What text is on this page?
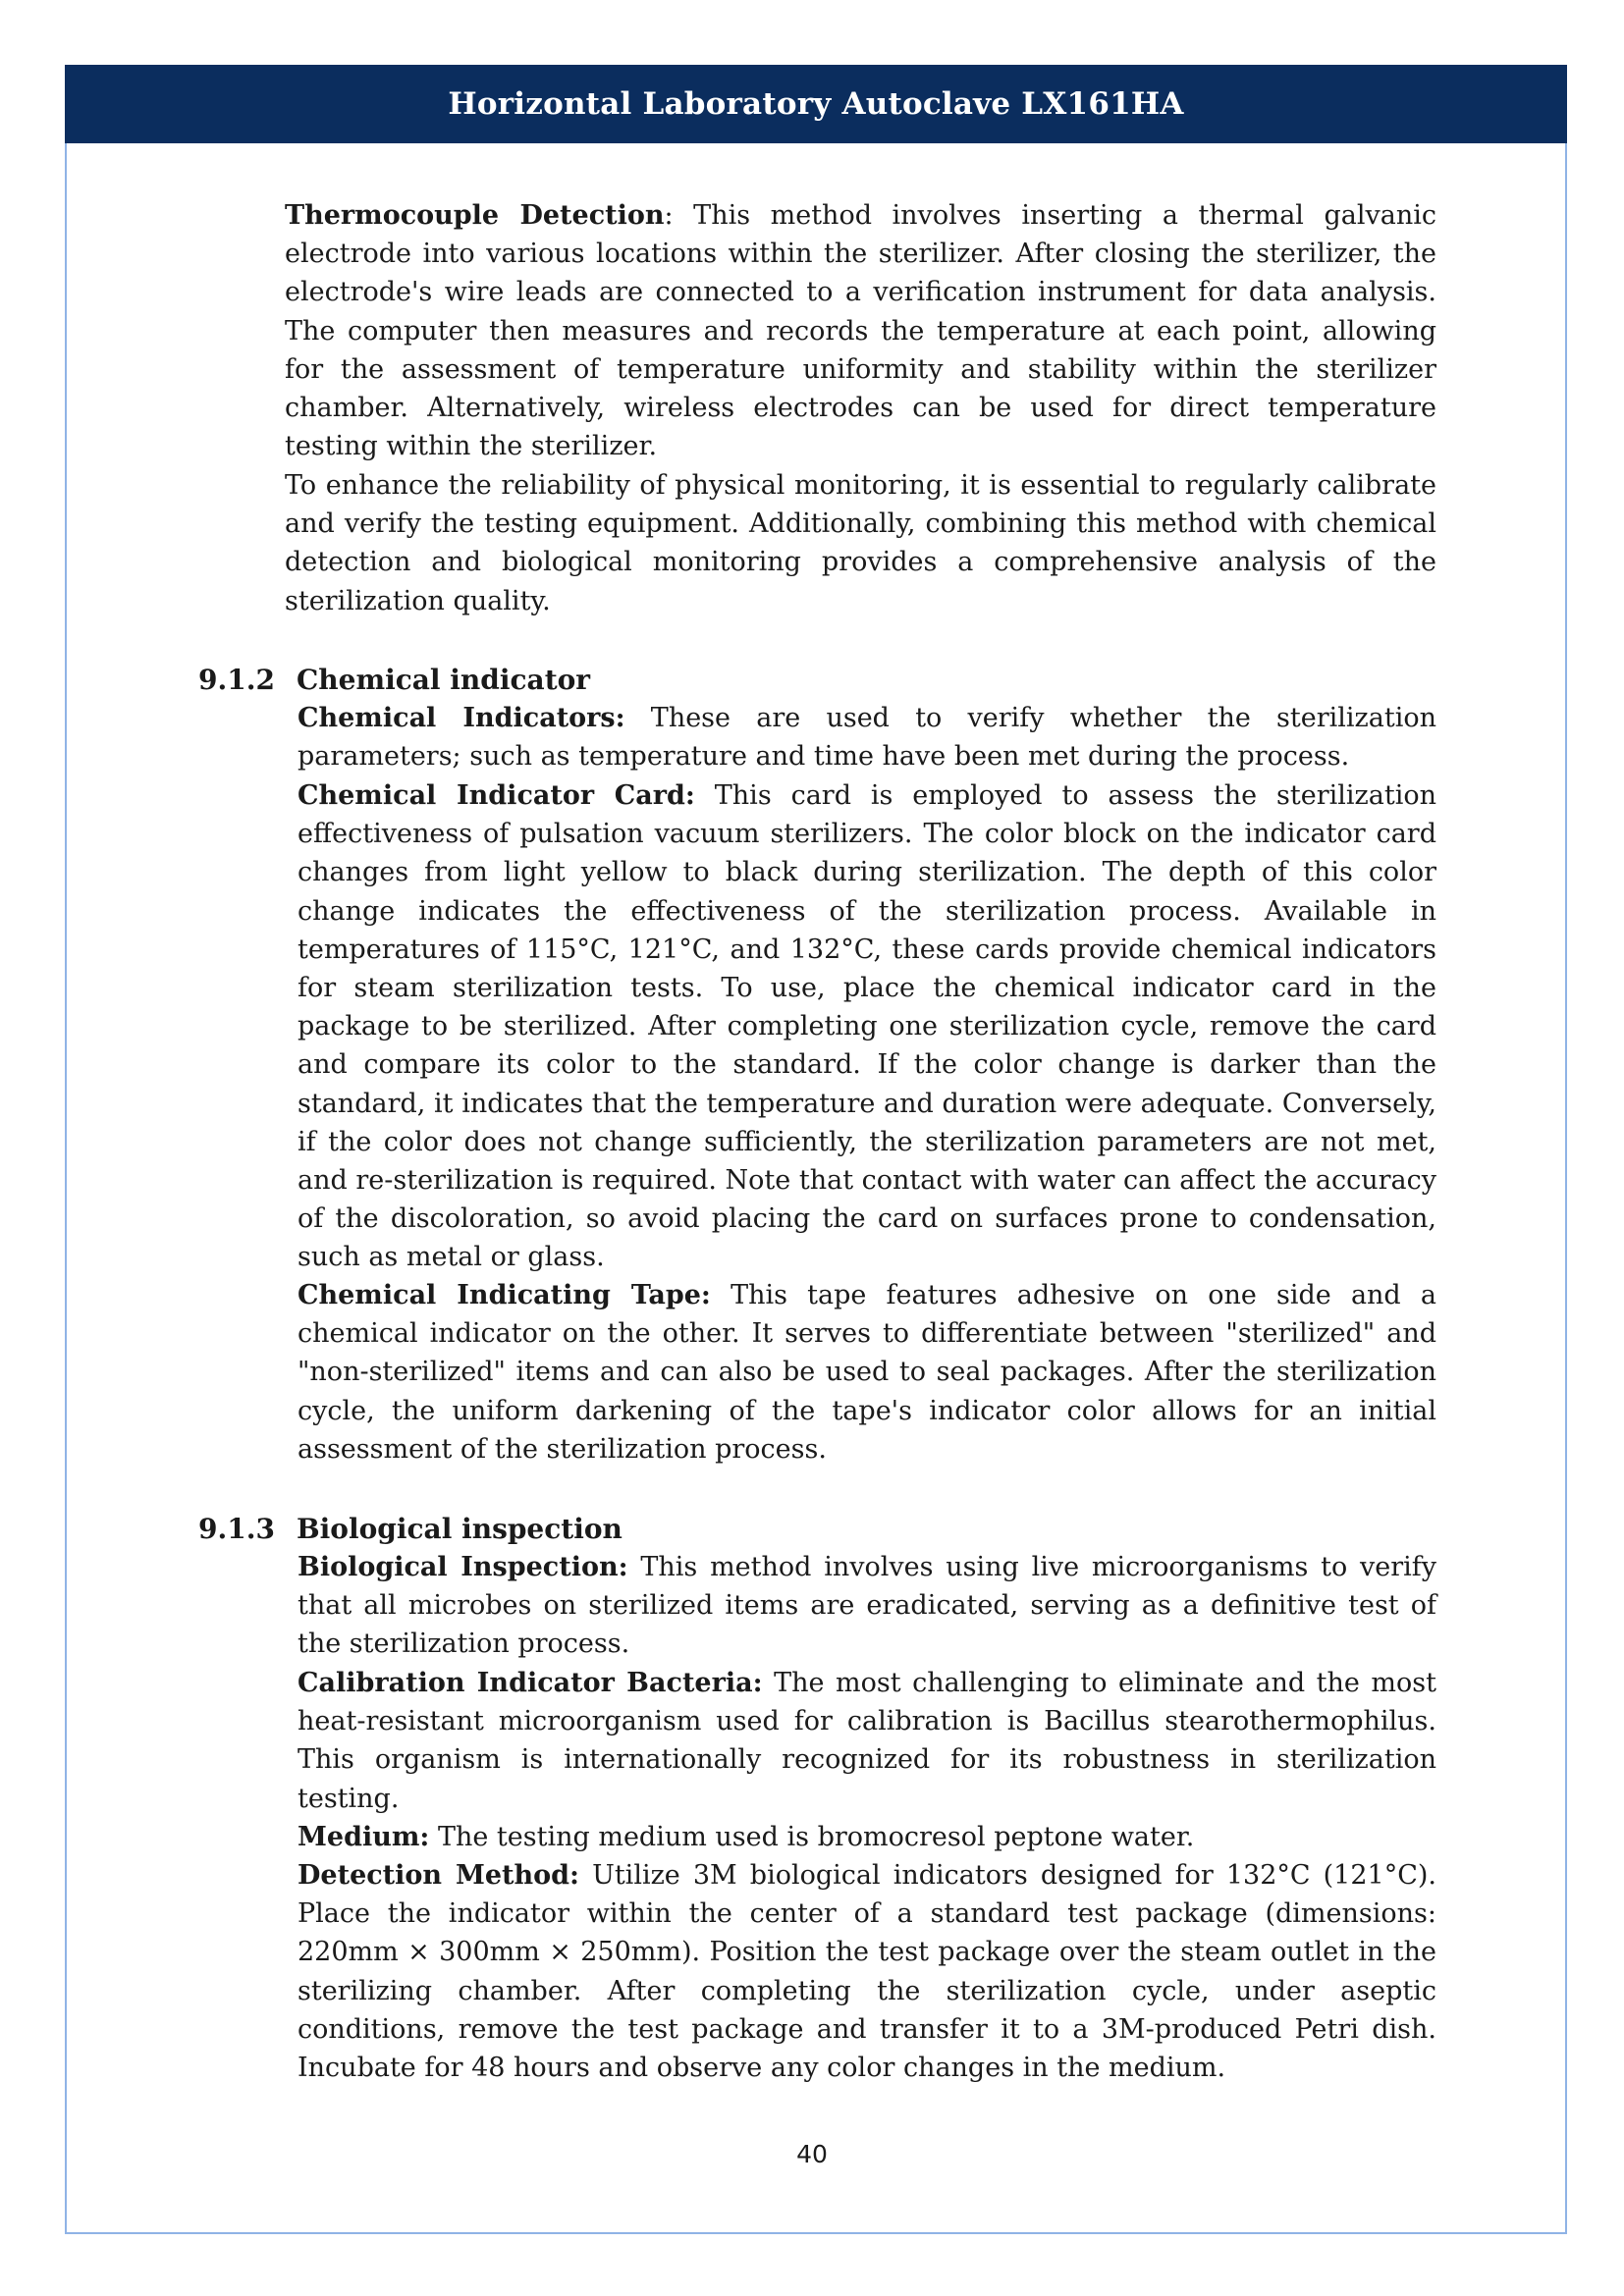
Horizontal Laboratory Autoclave LX161HA

Thermocouple Detection: This method involves inserting a thermal galvanic electrode into various locations within the sterilizer. After closing the sterilizer, the electrode's wire leads are connected to a verification instrument for data analysis. The computer then measures and records the temperature at each point, allowing for the assessment of temperature uniformity and stability within the sterilizer chamber. Alternatively, wireless electrodes can be used for direct temperature testing within the sterilizer.

To enhance the reliability of physical monitoring, it is essential to regularly calibrate and verify the testing equipment. Additionally, combining this method with chemical detection and biological monitoring provides a comprehensive analysis of the sterilization quality.

9.1.2 Chemical indicator

Chemical Indicators: These are used to verify whether the sterilization parameters; such as temperature and time have been met during the process.

Chemical Indicator Card: This card is employed to assess the sterilization effectiveness of pulsation vacuum sterilizers. The color block on the indicator card changes from light yellow to black during sterilization. The depth of this color change indicates the effectiveness of the sterilization process. Available in temperatures of 115°C, 121°C, and 132°C, these cards provide chemical indicators for steam sterilization tests. To use, place the chemical indicator card in the package to be sterilized. After completing one sterilization cycle, remove the card and compare its color to the standard. If the color change is darker than the standard, it indicates that the temperature and duration were adequate. Conversely, if the color does not change sufficiently, the sterilization parameters are not met, and re-sterilization is required. Note that contact with water can affect the accuracy of the discoloration, so avoid placing the card on surfaces prone to condensation, such as metal or glass.

Chemical Indicating Tape: This tape features adhesive on one side and a chemical indicator on the other. It serves to differentiate between "sterilized" and "non-sterilized" items and can also be used to seal packages. After the sterilization cycle, the uniform darkening of the tape's indicator color allows for an initial assessment of the sterilization process.

9.1.3 Biological inspection

Biological Inspection: This method involves using live microorganisms to verify that all microbes on sterilized items are eradicated, serving as a definitive test of the sterilization process.

Calibration Indicator Bacteria: The most challenging to eliminate and the most heat-resistant microorganism used for calibration is Bacillus stearothermophilus. This organism is internationally recognized for its robustness in sterilization testing.

Medium: The testing medium used is bromocresol peptone water.

Detection Method: Utilize 3M biological indicators designed for 132°C (121°C). Place the indicator within the center of a standard test package (dimensions: 220mm × 300mm × 250mm). Position the test package over the steam outlet in the sterilizing chamber. After completing the sterilization cycle, under aseptic conditions, remove the test package and transfer it to a 3M-produced Petri dish. Incubate for 48 hours and observe any color changes in the medium.

40
